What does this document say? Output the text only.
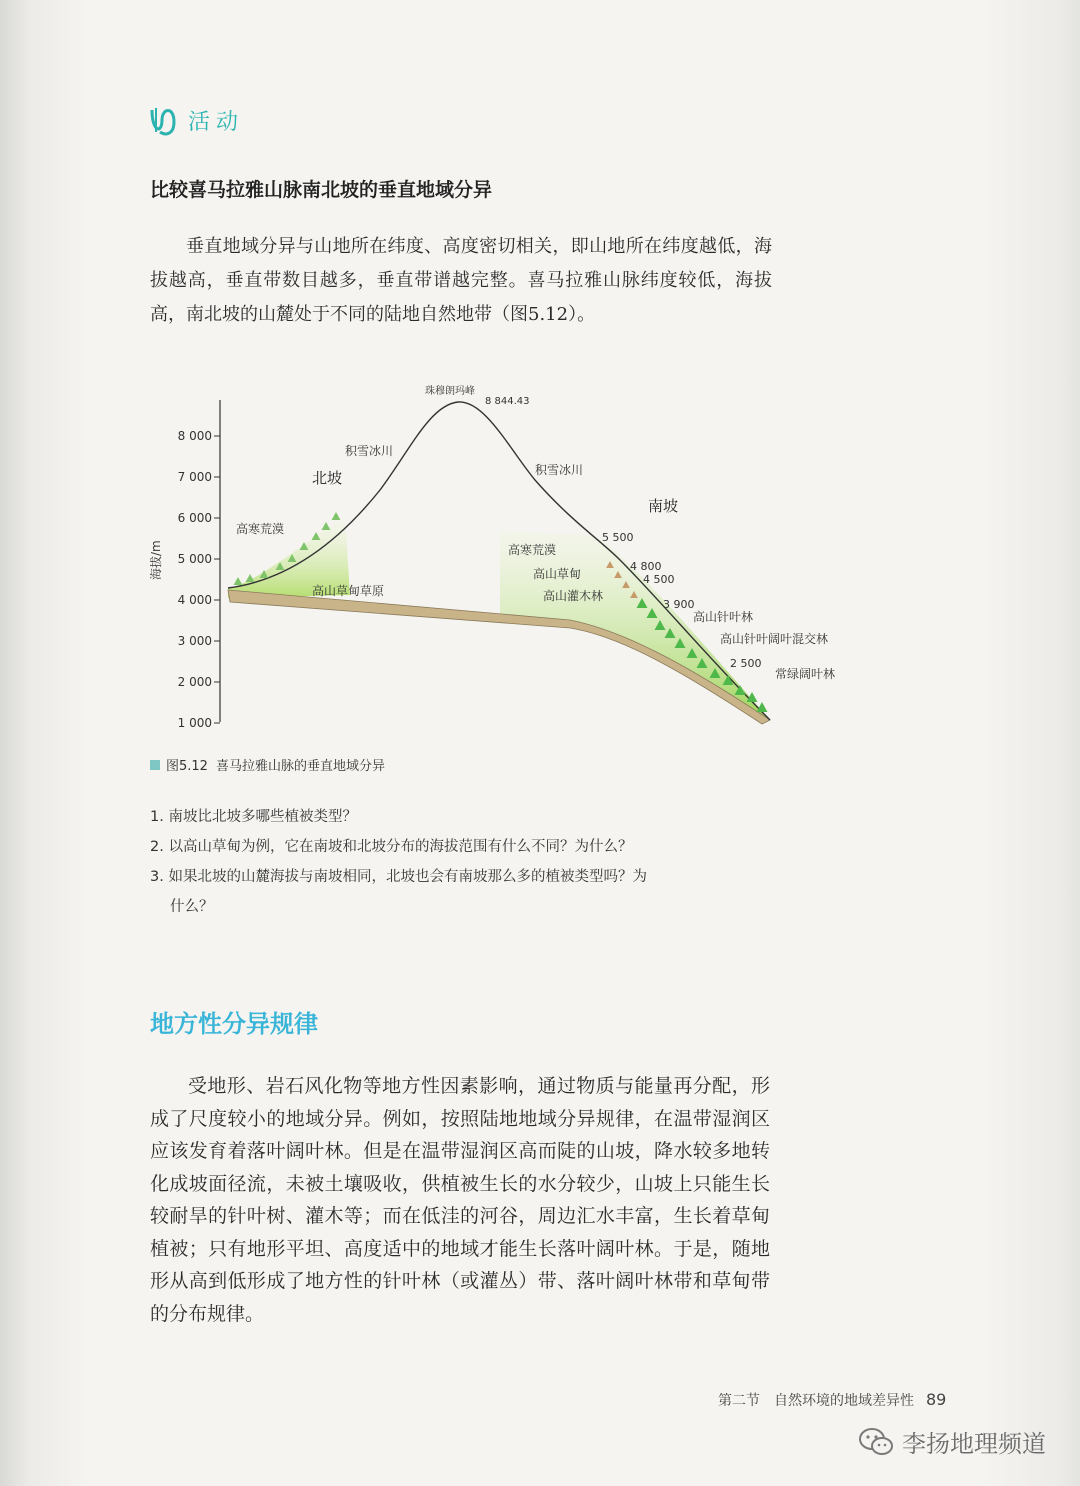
活动
比较喜马拉雅山脉南北坡的垂直地域分异

垂直地域分异与山地所在纬度、高度密切相关，即山地所在纬度越低，海拔越高，垂直带数目越多，垂直带谱越完整。喜马拉雅山脉纬度较低，海拔高，南北坡的山麓处于不同的陆地自然地带（图5.12）。

8 000
7 000
6 000
5 000
4 000
3 000
2 000
1 000
海拔/m
珠穆朗玛峰
8 844.43
北坡
南坡
积雪冰川
高寒荒漠
高山草甸草原
积雪冰川
高寒荒漠
高山草甸
高山灌木林
高山针叶林
高山针叶阔叶混交林
常绿阔叶林
5 500
4 800
4 500
3 900
2 500
图5.12 喜马拉雅山脉的垂直地域分异
1. 南坡比北坡多哪些植被类型？
2. 以高山草甸为例，它在南坡和北坡分布的海拔范围有什么不同？为什么？
3. 如果北坡的山麓海拔与南坡相同，北坡也会有南坡那么多的植被类型吗？为
什么？
地方性分异规律

受地形、岩石风化物等地方性因素影响，通过物质与能量再分配，形成了尺度较小的地域分异。例如，按照陆地地域分异规律，在温带湿润区应该发育着落叶阔叶林。但是在温带湿润区高而陡的山坡，降水较多地转化成坡面径流，未被土壤吸收，供植被生长的水分较少，山坡上只能生长较耐旱的针叶树、灌木等；而在低洼的河谷，周边汇水丰富，生长着草甸植被；只有地形平坦、高度适中的地域才能生长落叶阔叶林。于是，随地形从高到低形成了地方性的针叶林（或灌丛）带、落叶阔叶林带和草甸带的分布规律。

第二节　自然环境的地域差异性 89
李扬地理频道
